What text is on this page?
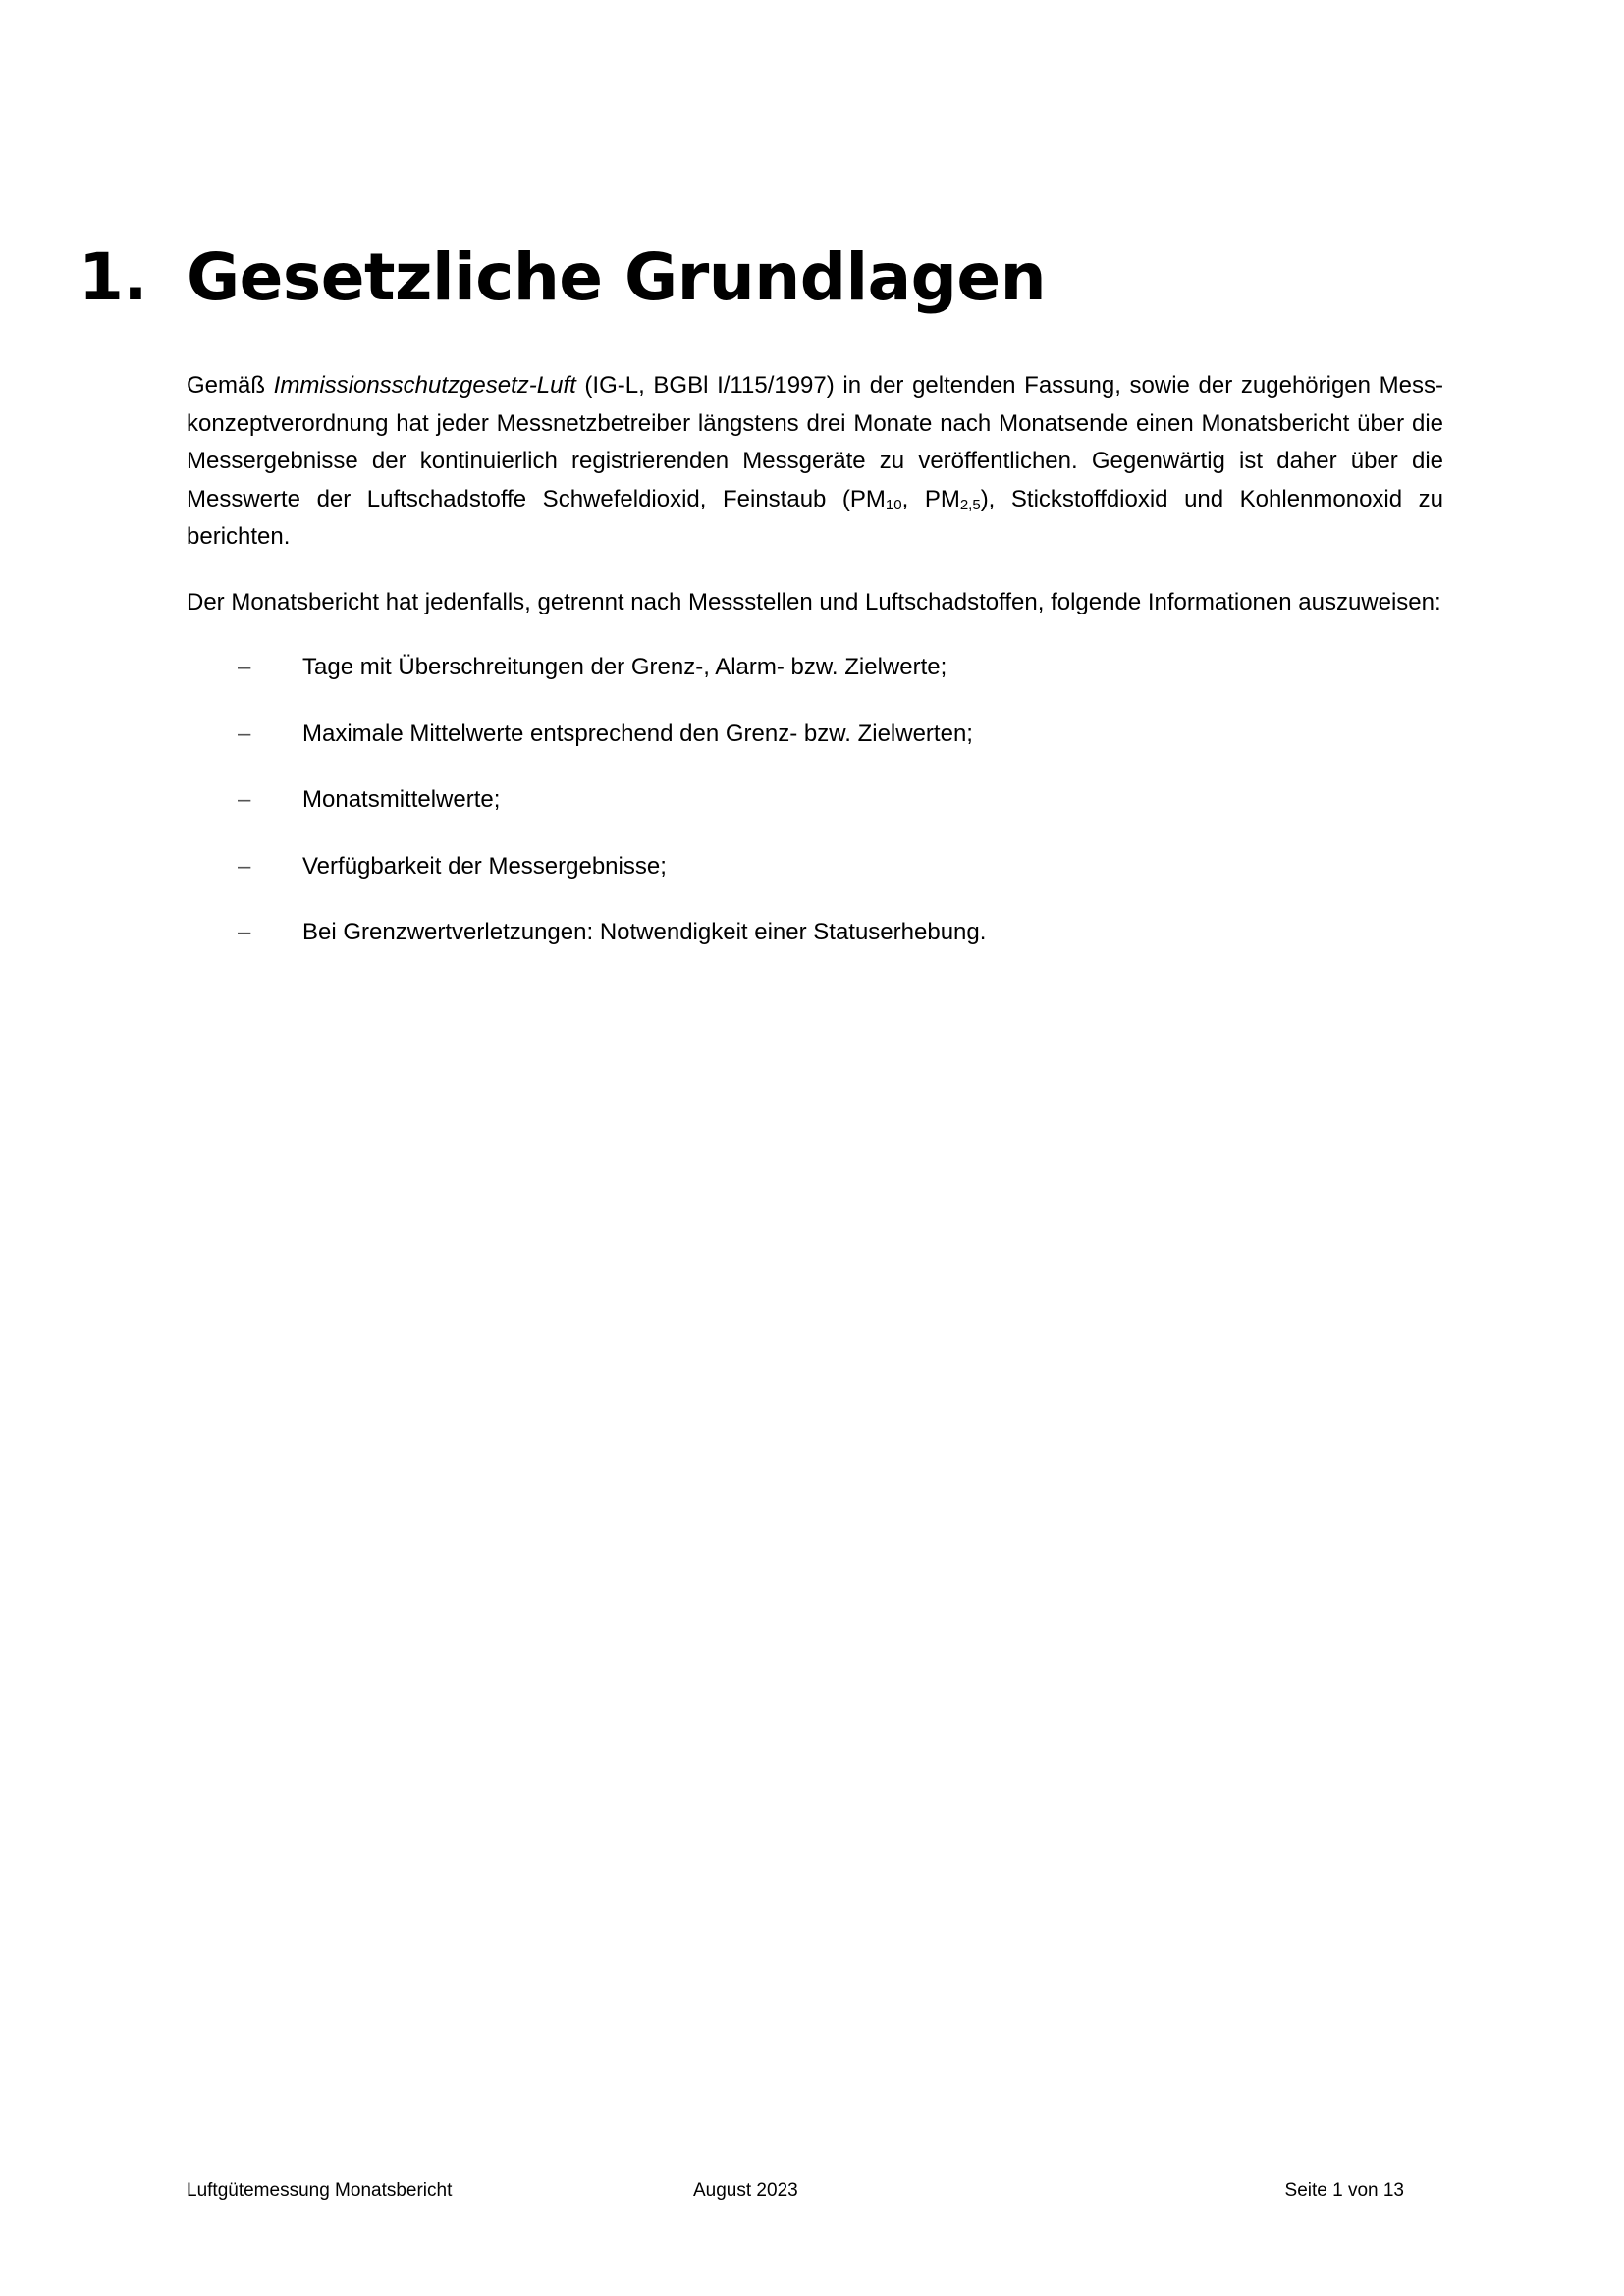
1. Gesetzliche Grundlagen

Gemäß Immissionsschutzgesetz-Luft (IG-L, BGBl I/115/1997) in der geltenden Fassung, sowie der zugehörigen Mess-konzeptverordnung hat jeder Messnetzbetreiber längstens drei Monate nach Monatsende einen Monatsbericht über die Messergebnisse der kontinuierlich registrierenden Messgeräte zu veröffentlichen. Gegenwärtig ist daher über die Messwerte der Luftschadstoffe Schwefeldioxid, Feinstaub ($PM_{10}$, $PM_{2,5}$), Stickstoffdioxid und Kohlenmonoxid zu berichten.

Der Monatsbericht hat jedenfalls, getrennt nach Messstellen und Luftschadstoffen, folgende Informationen auszuweisen:

– Tage mit Überschreitungen der Grenz-, Alarm- bzw. Zielwerte;
– Maximale Mittelwerte entsprechend den Grenz- bzw. Zielwerten;
– Monatsmittelwerte;
– Verfügbarkeit der Messergebnisse;
– Bei Grenzwertverletzungen: Notwendigkeit einer Statuserhebung.
Luftgütemessung Monatsbericht	August 2023	Seite 1 von 13
